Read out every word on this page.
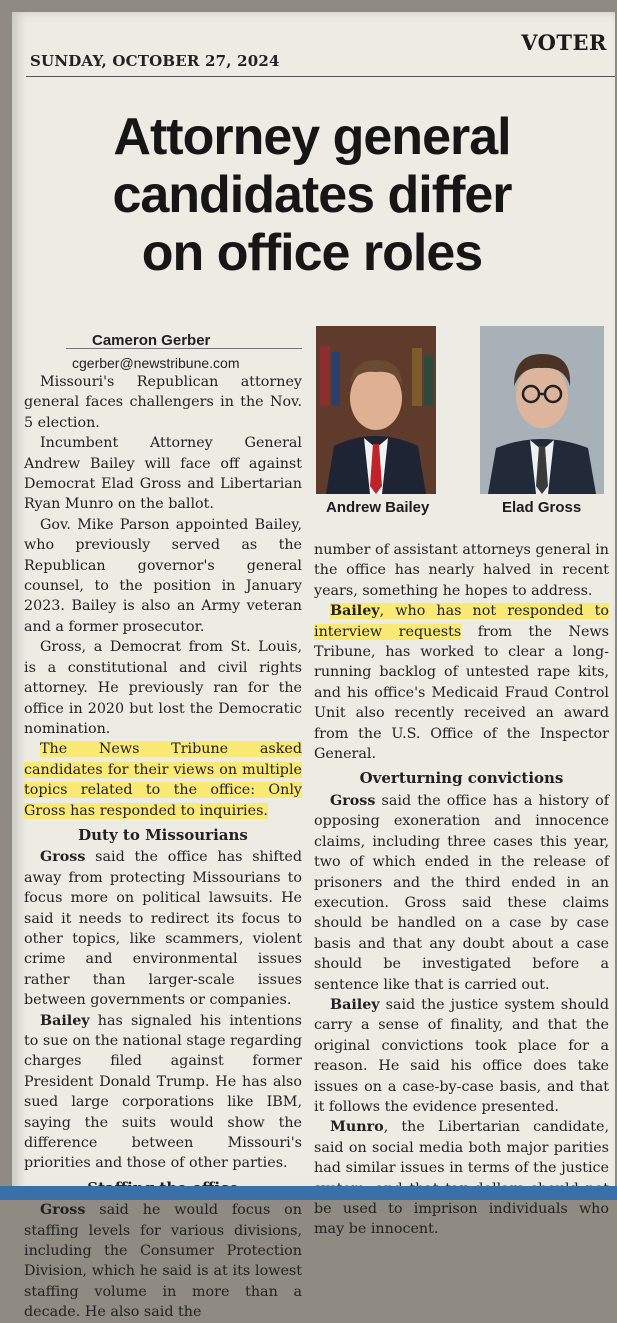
SUNDAY, OCTOBER 27, 2024
VOTER
Attorney general
candidates differ
on office roles
Cameron Gerber
cgerber@newstribune.com
Andrew Bailey	Elad Gross

Missouri's Republican attorney general faces challengers in the Nov. 5 election.

Incumbent Attorney General Andrew Bailey will face off against Democrat Elad Gross and Libertarian Ryan Munro on the ballot.

Gov. Mike Parson appointed Bailey, who previously served as the Republican governor's general counsel, to the position in January 2023. Bailey is also an Army veteran and a former prosecutor.

Gross, a Democrat from St. Louis, is a constitutional and civil rights attorney. He previously ran for the office in 2020 but lost the Democratic nomination.

The News Tribune asked candidates for their views on multiple topics related to the office: Only Gross has responded to inquiries.

Duty to Missourians

Gross said the office has shifted away from protecting Missourians to focus more on political lawsuits. He said it needs to redirect its focus to other topics, like scammers, violent crime and environmental issues rather than larger-scale issues between governments or companies.

Bailey has signaled his intentions to sue on the national stage regarding charges filed against former President Donald Trump. He has also sued large corporations like IBM, saying the suits would show the difference between Missouri's priorities and those of other parties.

Gross said he would focus on staffing levels for various divisions, including the Consumer Protection Division, which he said is at its lowest staffing volume in more than a decade. He also said the

number of assistant attorneys general in the office has nearly halved in recent years, something he hopes to address.

Bailey, who has not responded to interview requests from the News Tribune, has worked to clear a long-running backlog of untested rape kits, and his office's Medicaid Fraud Control Unit also recently received an award from the U.S. Office of the Inspector General.

Overturning convictions

Gross said the office has a history of opposing exoneration and innocence claims, including three cases this year, two of which ended in the release of prisoners and the third ended in an execution. Gross said these claims should be handled on a case by case basis and that any doubt about a case should be investigated before a sentence like that is carried out.

Bailey said the justice system should carry a sense of finality, and that the original convictions took place for a reason. He said his office does take issues on a case-by-case basis, and that it follows the evidence presented.

Munro, the Libertarian candidate, said on social media both major parities had similar issues in terms of the justice be used to imprison individuals who may be innocent.
